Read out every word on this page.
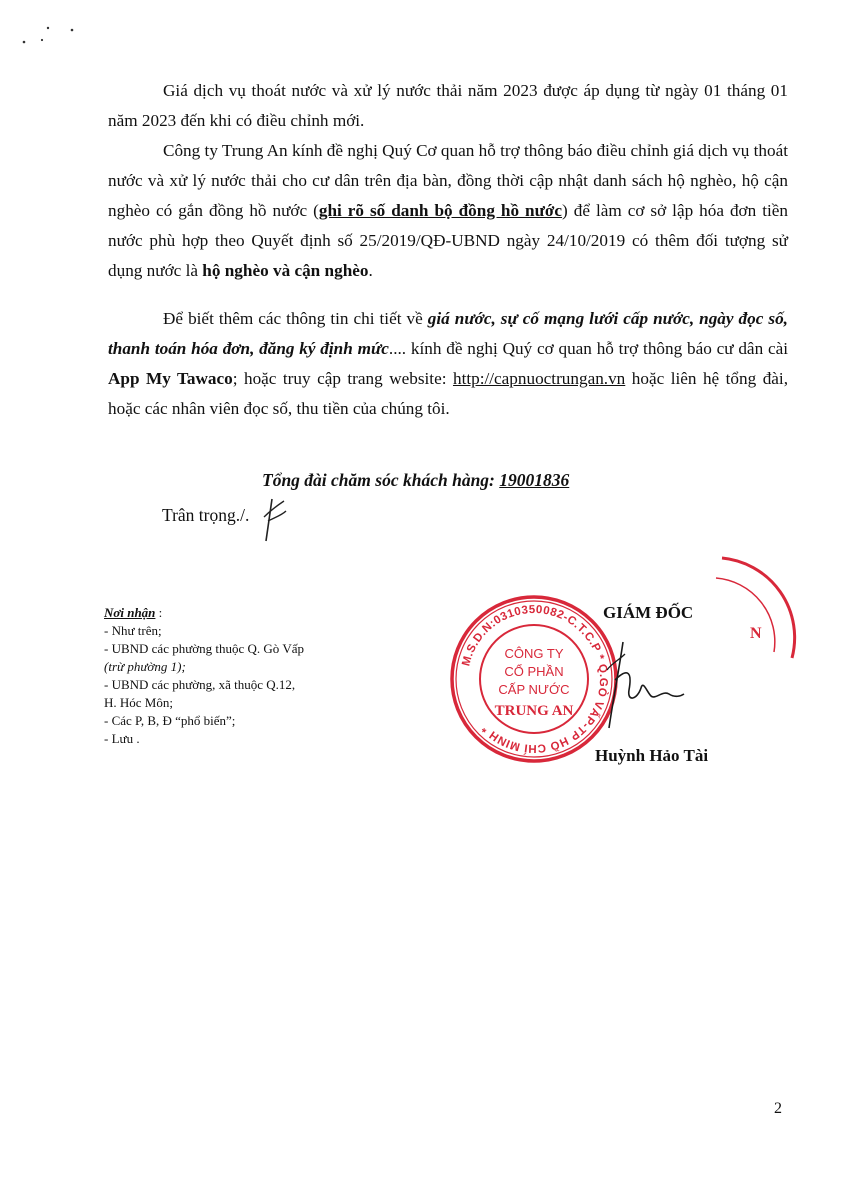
Giá dịch vụ thoát nước và xử lý nước thải năm 2023 được áp dụng từ ngày 01 tháng 01 năm 2023 đến khi có điều chỉnh mới.

Công ty Trung An kính đề nghị Quý Cơ quan hỗ trợ thông báo điều chỉnh giá dịch vụ thoát nước và xử lý nước thải cho cư dân trên địa bàn, đồng thời cập nhật danh sách hộ nghèo, hộ cận nghèo có gắn đồng hồ nước (ghi rõ số danh bộ đồng hồ nước) để làm cơ sở lập hóa đơn tiền nước phù hợp theo Quyết định số 25/2019/QĐ-UBND ngày 24/10/2019 có thêm đối tượng sử dụng nước là hộ nghèo và cận nghèo.

Để biết thêm các thông tin chi tiết về giá nước, sự cố mạng lưới cấp nước, ngày đọc số, thanh toán hóa đơn, đăng ký định mức.... kính đề nghị Quý cơ quan hỗ trợ thông báo cư dân cài App My Tawaco; hoặc truy cập trang website: http://capnuoctrungan.vn hoặc liên hệ tổng đài, hoặc các nhân viên đọc số, thu tiền của chúng tôi.

Tổng đài chăm sóc khách hàng: 19001836

Trân trọng./.

Nơi nhận :
- Như trên;
- UBND các phường thuộc Q. Gò Vấp
(trừ phường 1);
- UBND các phường, xã thuộc Q.12,
H. Hóc Môn;
- Các P, B, Đ “phổ biến”;
- Lưu .

GIÁM ĐỐC

N
M.S.D.N:0310350082-C.T.C.P * Q.GÒ VẤP-TP HỒ CHÍ MINH *
CÔNG TY
CỔ PHẦN
CẤP NƯỚC
TRUNG AN

Huỳnh Hảo Tài

2
